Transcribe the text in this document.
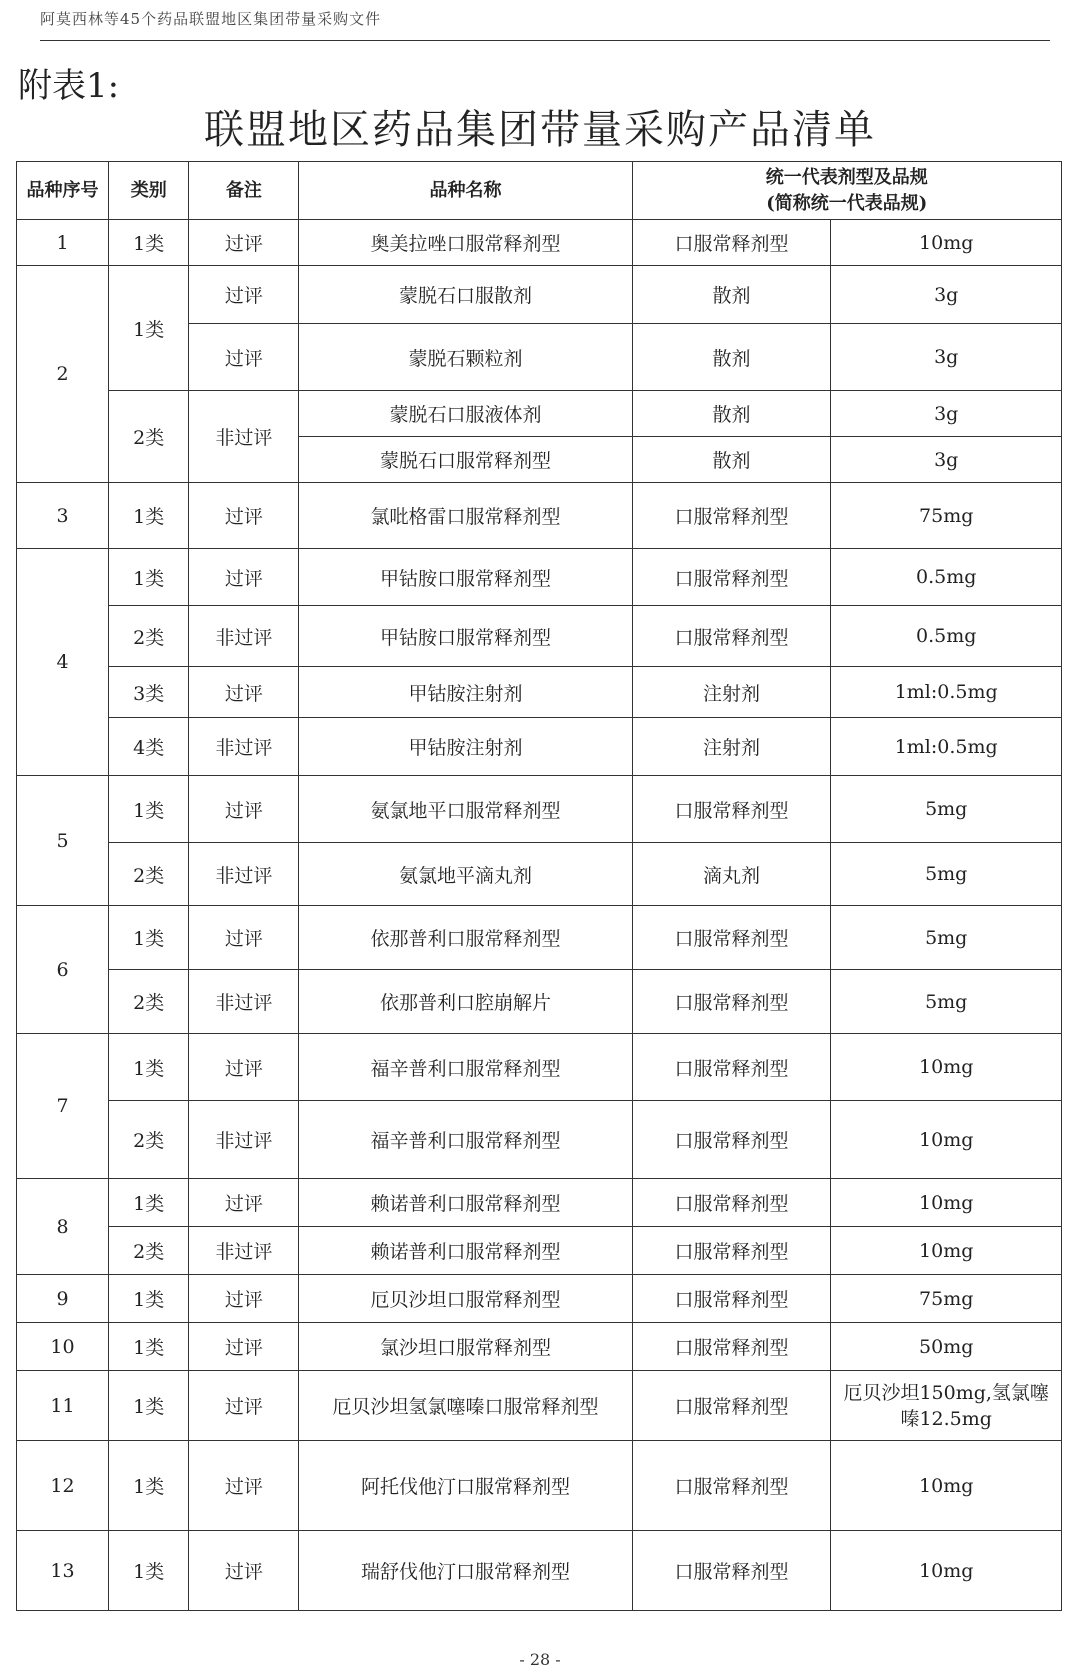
阿莫西林等45个药品联盟地区集团带量采购文件
附表1:
联盟地区药品集团带量采购产品清单
品种序号	类别	备注	品种名称	统一代表剂型及品规
(简称统一代表品规)	

1	1类	过评	奥美拉唑口服常释剂型	口服常释剂型	10mg
2	1类	过评	蒙脱石口服散剂	散剂	3g
		过评	蒙脱石颗粒剂	散剂	3g
	2类	非过评	蒙脱石口服液体剂	散剂	3g
			蒙脱石口服常释剂型	散剂	3g
3	1类	过评	氯吡格雷口服常释剂型	口服常释剂型	75mg
4	1类	过评	甲钴胺口服常释剂型	口服常释剂型	0.5mg
	2类	非过评	甲钴胺口服常释剂型	口服常释剂型	0.5mg
	3类	过评	甲钴胺注射剂	注射剂	1ml:0.5mg
	4类	非过评	甲钴胺注射剂	注射剂	1ml:0.5mg
5	1类	过评	氨氯地平口服常释剂型	口服常释剂型	5mg
	2类	非过评	氨氯地平滴丸剂	滴丸剂	5mg
6	1类	过评	依那普利口服常释剂型	口服常释剂型	5mg
	2类	非过评	依那普利口腔崩解片	口服常释剂型	5mg
7	1类	过评	福辛普利口服常释剂型	口服常释剂型	10mg
	2类	非过评	福辛普利口服常释剂型	口服常释剂型	10mg
8	1类	过评	赖诺普利口服常释剂型	口服常释剂型	10mg
	2类	非过评	赖诺普利口服常释剂型	口服常释剂型	10mg
9	1类	过评	厄贝沙坦口服常释剂型	口服常释剂型	75mg
10	1类	过评	氯沙坦口服常释剂型	口服常释剂型	50mg
11	1类	过评	厄贝沙坦氢氯噻嗪口服常释剂型	口服常释剂型	厄贝沙坦150mg,氢氯噻嗪12.5mg
12	1类	过评	阿托伐他汀口服常释剂型	口服常释剂型	10mg
13	1类	过评	瑞舒伐他汀口服常释剂型	口服常释剂型	10mg
- 28 -
